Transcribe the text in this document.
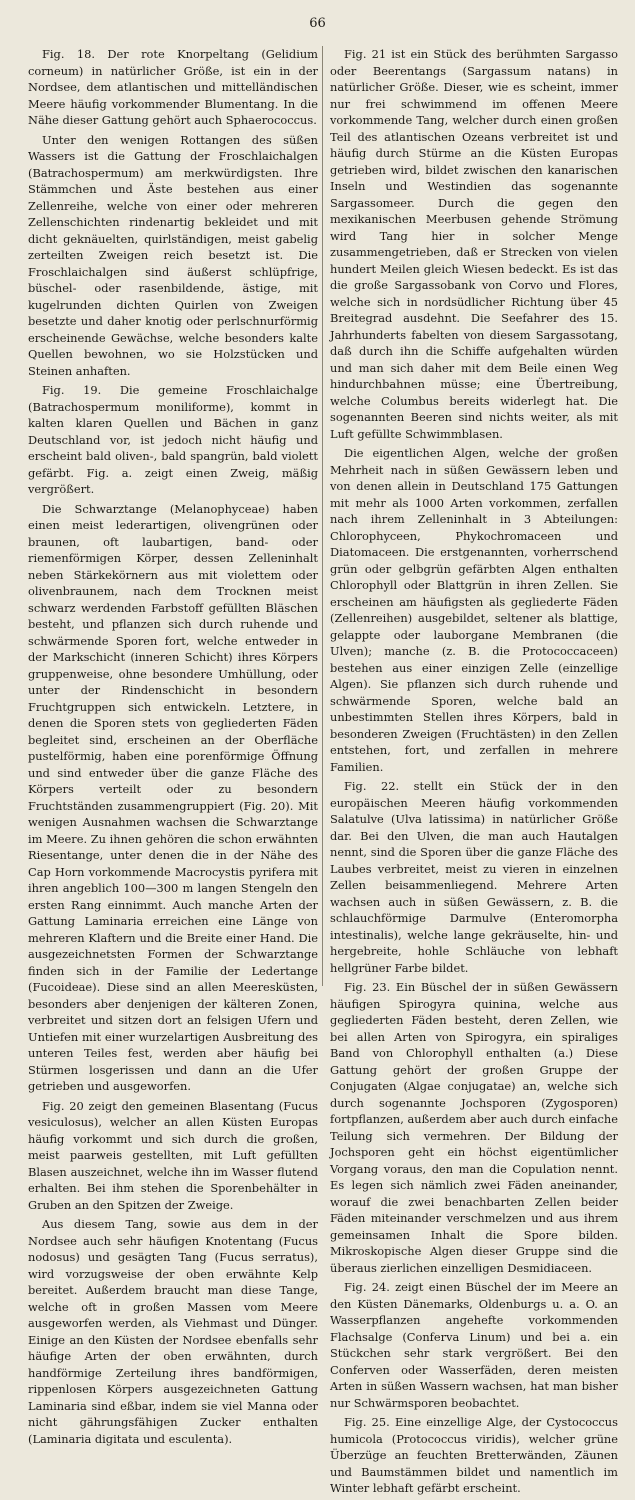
66

Fig. 18. Der rote Knorpeltang (Gelidium corneum) in natürlicher Größe, ist ein in der Nordsee, dem atlantischen und mittelländischen Meere häufig vorkommender Blumentang. In die Nähe dieser Gattung gehört auch Sphaerococcus.

Unter den wenigen Rottangen des süßen Wassers ist die Gattung der Froschlaichalgen (Batrachospermum) am merkwürdigsten. Ihre Stämmchen und Äste bestehen aus einer Zellenreihe, welche von einer oder mehreren Zellenschichten rindenartig bekleidet und mit dicht geknäuelten, quirlständigen, meist gabelig zerteilten Zweigen reich besetzt ist. Die Froschlaichalgen sind äußerst schlüpfrige, büschel- oder rasenbildende, ästige, mit kugelrunden dichten Quirlen von Zweigen besetzte und daher knotig oder perlschnurförmig erscheinende Gewächse, welche besonders kalte Quellen bewohnen, wo sie Holzstücken und Steinen anhaften.

Fig. 19. Die gemeine Froschlaichalge (Batrachospermum moniliforme), kommt in kalten klaren Quellen und Bächen in ganz Deutschland vor, ist jedoch nicht häufig und erscheint bald oliven-, bald spangrün, bald violett gefärbt. Fig. a. zeigt einen Zweig, mäßig vergrößert.

Die Schwarztange (Melanophyceae) haben einen meist lederartigen, olivengrünen oder braunen, oft laubartigen, band- oder riemenförmigen Körper, dessen Zelleninhalt neben Stärkekörnern aus mit violettem oder olivenbraunem, nach dem Trocknen meist schwarz werdenden Farbstoff gefüllten Bläschen besteht, und pflanzen sich durch ruhende und schwärmende Sporen fort, welche entweder in der Markschicht (inneren Schicht) ihres Körpers gruppenweise, ohne besondere Umhüllung, oder unter der Rindenschicht in besondern Fruchtgruppen sich entwickeln. Letztere, in denen die Sporen stets von gegliederten Fäden begleitet sind, erscheinen an der Oberfläche pustelförmig, haben eine porenförmige Öffnung und sind entweder über die ganze Fläche des Körpers verteilt oder zu besondern Fruchtständen zusammengruppiert (Fig. 20). Mit wenigen Ausnahmen wachsen die Schwarztange im Meere. Zu ihnen gehören die schon erwähnten Riesentange, unter denen die in der Nähe des Cap Horn vorkommende Macrocystis pyrifera mit ihren angeblich 100—300 m langen Stengeln den ersten Rang einnimmt. Auch manche Arten der Gattung Laminaria erreichen eine Länge von mehreren Klaftern und die Breite einer Hand. Die ausgezeichnetsten Formen der Schwarztange finden sich in der Familie der Ledertange (Fucoideae). Diese sind an allen Meeresküsten, besonders aber denjenigen der kälteren Zonen, verbreitet und sitzen dort an felsigen Ufern und Untiefen mit einer wurzelartigen Ausbreitung des unteren Teiles fest, werden aber häufig bei Stürmen losgerissen und dann an die Ufer getrieben und ausgeworfen.

Fig. 20 zeigt den gemeinen Blasentang (Fucus vesiculosus), welcher an allen Küsten Europas häufig vorkommt und sich durch die großen, meist paarweis gestellten, mit Luft gefüllten Blasen auszeichnet, welche ihn im Wasser flutend erhalten. Bei ihm stehen die Sporenbehälter in Gruben an den Spitzen der Zweige.

Aus diesem Tang, sowie aus dem in der Nordsee auch sehr häufigen Knotentang (Fucus nodosus) und gesägten Tang (Fucus serratus), wird vorzugsweise der oben erwähnte Kelp bereitet. Außerdem braucht man diese Tange, welche oft in großen Massen vom Meere ausgeworfen werden, als Viehmast und Dünger. Einige an den Küsten der Nordsee ebenfalls sehr häufige Arten der oben erwähnten, durch handförmige Zerteilung ihres bandförmigen, rippenlosen Körpers ausgezeichneten Gattung Laminaria sind eßbar, indem sie viel Manna oder nicht gährungsfähigen Zucker enthalten (Laminaria digitata und esculenta).

Fig. 21 ist ein Stück des berühmten Sargasso oder Beerentangs (Sargassum natans) in natürlicher Größe. Dieser, wie es scheint, immer nur frei schwimmend im offenen Meere vorkommende Tang, welcher durch einen großen Teil des atlantischen Ozeans verbreitet ist und häufig durch Stürme an die Küsten Europas getrieben wird, bildet zwischen den kanarischen Inseln und Westindien das sogenannte Sargassomeer. Durch die gegen den mexikanischen Meerbusen gehende Strömung wird Tang hier in solcher Menge zusammengetrieben, daß er Strecken von vielen hundert Meilen gleich Wiesen bedeckt. Es ist das die große Sargassobank von Corvo und Flores, welche sich in nordsüdlicher Richtung über 45 Breitegrad ausdehnt. Die Seefahrer des 15. Jahrhunderts fabelten von diesem Sargassotang, daß durch ihn die Schiffe aufgehalten würden und man sich daher mit dem Beile einen Weg hindurchbahnen müsse; eine Übertreibung, welche Columbus bereits widerlegt hat. Die sogenannten Beeren sind nichts weiter, als mit Luft gefüllte Schwimmblasen.

Die eigentlichen Algen, welche der großen Mehrheit nach in süßen Gewässern leben und von denen allein in Deutschland 175 Gattungen mit mehr als 1000 Arten vorkommen, zerfallen nach ihrem Zelleninhalt in 3 Abteilungen: Chlorophyceen, Phykochromaceen und Diatomaceen. Die erstgenannten, vorherrschend grün oder gelbgrün gefärbten Algen enthalten Chlorophyll oder Blattgrün in ihren Zellen. Sie erscheinen am häufigsten als gegliederte Fäden (Zellenreihen) ausgebildet, seltener als blattige, gelappte oder lauborgane Membranen (die Ulven); manche (z. B. die Protococcaceen) bestehen aus einer einzigen Zelle (einzellige Algen). Sie pflanzen sich durch ruhende und schwärmende Sporen, welche bald an unbestimmten Stellen ihres Körpers, bald in besonderen Zweigen (Fruchtästen) in den Zellen entstehen, fort, und zerfallen in mehrere Familien.

Fig. 22. stellt ein Stück der in den europäischen Meeren häufig vorkommenden Salatulve (Ulva latissima) in natürlicher Größe dar. Bei den Ulven, die man auch Hautalgen nennt, sind die Sporen über die ganze Fläche des Laubes verbreitet, meist zu vieren in einzelnen Zellen beisammenliegend. Mehrere Arten wachsen auch in süßen Gewässern, z. B. die schlauchförmige Darmulve (Enteromorpha intestinalis), welche lange gekräuselte, hin- und hergebreite, hohle Schläuche von lebhaft hellgrüner Farbe bildet.

Fig. 23. Ein Büschel der in süßen Gewässern häufigen Spirogyra quinina, welche aus gegliederten Fäden besteht, deren Zellen, wie bei allen Arten von Spirogyra, ein spiraliges Band von Chlorophyll enthalten (a.) Diese Gattung gehört der großen Gruppe der Conjugaten (Algae conjugatae) an, welche sich durch sogenannte Jochsporen (Zygosporen) fortpflanzen, außerdem aber auch durch einfache Teilung sich vermehren. Der Bildung der Jochsporen geht ein höchst eigentümlicher Vorgang voraus, den man die Copulation nennt. Es legen sich nämlich zwei Fäden aneinander, worauf die zwei benachbarten Zellen beider Fäden miteinander verschmelzen und aus ihrem gemeinsamen Inhalt die Spore bilden. Mikroskopische Algen dieser Gruppe sind die überaus zierlichen einzelligen Desmidiaceen.

Fig. 24. zeigt einen Büschel der im Meere an den Küsten Dänemarks, Oldenburgs u. a. O. an Wasserpflanzen angehefte vorkommenden Flachsalge (Conferva Linum) und bei a. ein Stückchen sehr stark vergrößert. Bei den Conferven oder Wasserfäden, deren meisten Arten in süßen Wassern wachsen, hat man bisher nur Schwärmsporen beobachtet.

Fig. 25. Eine einzellige Alge, der Cystococcus humicola (Protococcus viridis), welcher grüne Überzüge an feuchten Bretterwänden, Zäunen und Baumstämmen bildet und namentlich im Winter lebhaft gefärbt erscheint.
